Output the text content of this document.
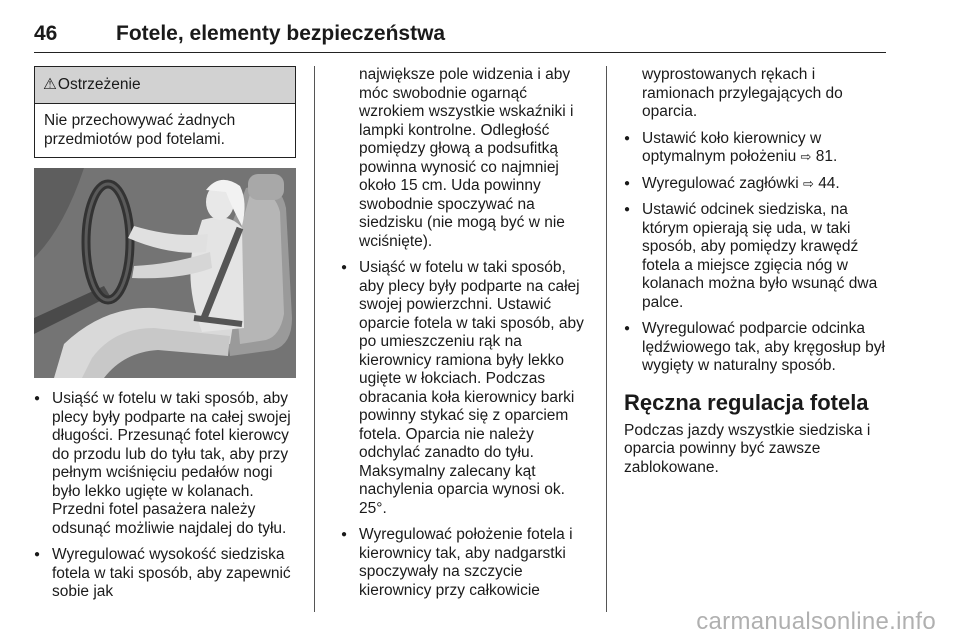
46	Fotele, elementy bezpieczeństwa
⚠Ostrzeżenie
Nie przechowywać żadnych przedmiotów pod fotelami.
● Usiąść w fotelu w taki sposób, aby plecy były podparte na całej swojej długości. Przesunąć fotel kierowcy do przodu lub do tyłu tak, aby przy pełnym wciśnięciu pedałów nogi było lekko ugięte w kolanach. Przedni fotel pasażera należy odsunąć możliwie najdalej do tyłu.
● Wyregulować wysokość siedziska fotela w taki sposób, aby zapewnić sobie jak
największe pole widzenia i aby móc swobodnie ogarnąć wzrokiem wszystkie wskaźniki i lampki kontrolne. Odległość pomiędzy głową a podsufitką powinna wynosić co najmniej około 15 cm. Uda powinny swobodnie spoczywać na siedzisku (nie mogą być w nie wciśnięte).
● Usiąść w fotelu w taki sposób, aby plecy były podparte na całej swojej powierzchni. Ustawić oparcie fotela w taki sposób, aby po umieszczeniu rąk na kierownicy ramiona były lekko ugięte w łokciach. Podczas obracania koła kierownicy barki powinny stykać się z oparciem fotela. Oparcia nie należy odchylać zanadto do tyłu. Maksymalny zalecany kąt nachylenia oparcia wynosi ok. 25°.
● Wyregulować położenie fotela i kierownicy tak, aby nadgarstki spoczywały na szczycie kierownicy przy całkowicie
wyprostowanych rękach i ramionach przylegających do oparcia.
● Ustawić koło kierownicy w optymalnym położeniu ⇨ 81.
● Wyregulować zagłówki ⇨ 44.
● Ustawić odcinek siedziska, na którym opierają się uda, w taki sposób, aby pomiędzy krawędź fotela a miejsce zgięcia nóg w kolanach można było wsunąć dwa palce.
● Wyregulować podparcie odcinka lędźwiowego tak, aby kręgosłup był wygięty w naturalny sposób.
Ręczna regulacja fotela
Podczas jazdy wszystkie siedziska i oparcia powinny być zawsze zablokowane.
carmanualsonline.info
